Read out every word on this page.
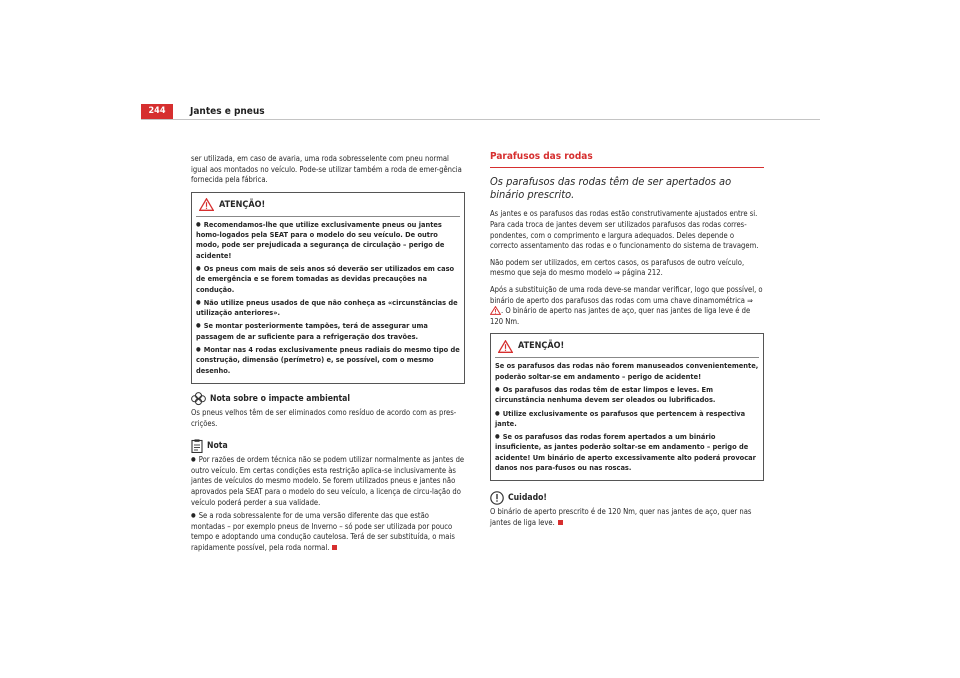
244	Jantes e pneus

ser utilizada, em caso de avaria, uma roda sobresselente com pneu normal igual aos montados no veículo. Pode-se utilizar também a roda de emer-gência fornecida pela fábrica.

ATENÇÃO!
● Recomendamos-lhe que utilize exclusivamente pneus ou jantes homo-logados pela SEAT para o modelo do seu veículo. De outro modo, pode ser prejudicada a segurança de circulação – perigo de acidente!
● Os pneus com mais de seis anos só deverão ser utilizados em caso de emergência e se forem tomadas as devidas precauções na condução.
● Não utilize pneus usados de que não conheça as «circunstâncias de utilização anteriores».
● Se montar posteriormente tampões, terá de assegurar uma passagem de ar suficiente para a refrigeração dos travões.
● Montar nas 4 rodas exclusivamente pneus radiais do mesmo tipo de construção, dimensão (perímetro) e, se possível, com o mesmo desenho.
Nota sobre o impacte ambiental

Os pneus velhos têm de ser eliminados como resíduo de acordo com as pres-crições.

Nota
● Por razões de ordem técnica não se podem utilizar normalmente as jantes de outro veículo. Em certas condições esta restrição aplica-se inclusivamente às jantes de veículos do mesmo modelo. Se forem utilizados pneus e jantes não aprovados pela SEAT para o modelo do seu veículo, a licença de circu-lação do veículo poderá perder a sua validade.
● Se a roda sobressalente for de uma versão diferente das que estão montadas – por exemplo pneus de Inverno – só pode ser utilizada por pouco tempo e adoptando uma condução cautelosa. Terá de ser substituída, o mais rapidamente possível, pela roda normal.
Parafusos das rodas

Os parafusos das rodas têm de ser apertados ao binário prescrito.

As jantes e os parafusos das rodas estão construtivamente ajustados entre si. Para cada troca de jantes devem ser utilizados parafusos das rodas corres-pondentes, com o comprimento e largura adequados. Deles depende o correcto assentamento das rodas e o funcionamento do sistema de travagem.

Não podem ser utilizados, em certos casos, os parafusos de outro veículo, mesmo que seja do mesmo modelo ⇒ página 212.

Após a substituição de uma roda deve-se mandar verificar, logo que possível, o binário de aperto dos parafusos das rodas com uma chave dinamométrica ⇒ . O binário de aperto nas jantes de aço, quer nas jantes de liga leve é de 120 Nm.

ATENÇÃO!
Se os parafusos das rodas não forem manuseados convenientemente, poderão soltar-se em andamento – perigo de acidente!
● Os parafusos das rodas têm de estar limpos e leves. Em circunstância nenhuma devem ser oleados ou lubrificados.
● Utilize exclusivamente os parafusos que pertencem à respectiva jante.
● Se os parafusos das rodas forem apertados a um binário insuficiente, as jantes poderão soltar-se em andamento – perigo de acidente! Um binário de aperto excessivamente alto poderá provocar danos nos para-fusos ou nas roscas.
Cuidado!

O binário de aperto prescrito é de 120 Nm, quer nas jantes de aço, quer nas jantes de liga leve.
